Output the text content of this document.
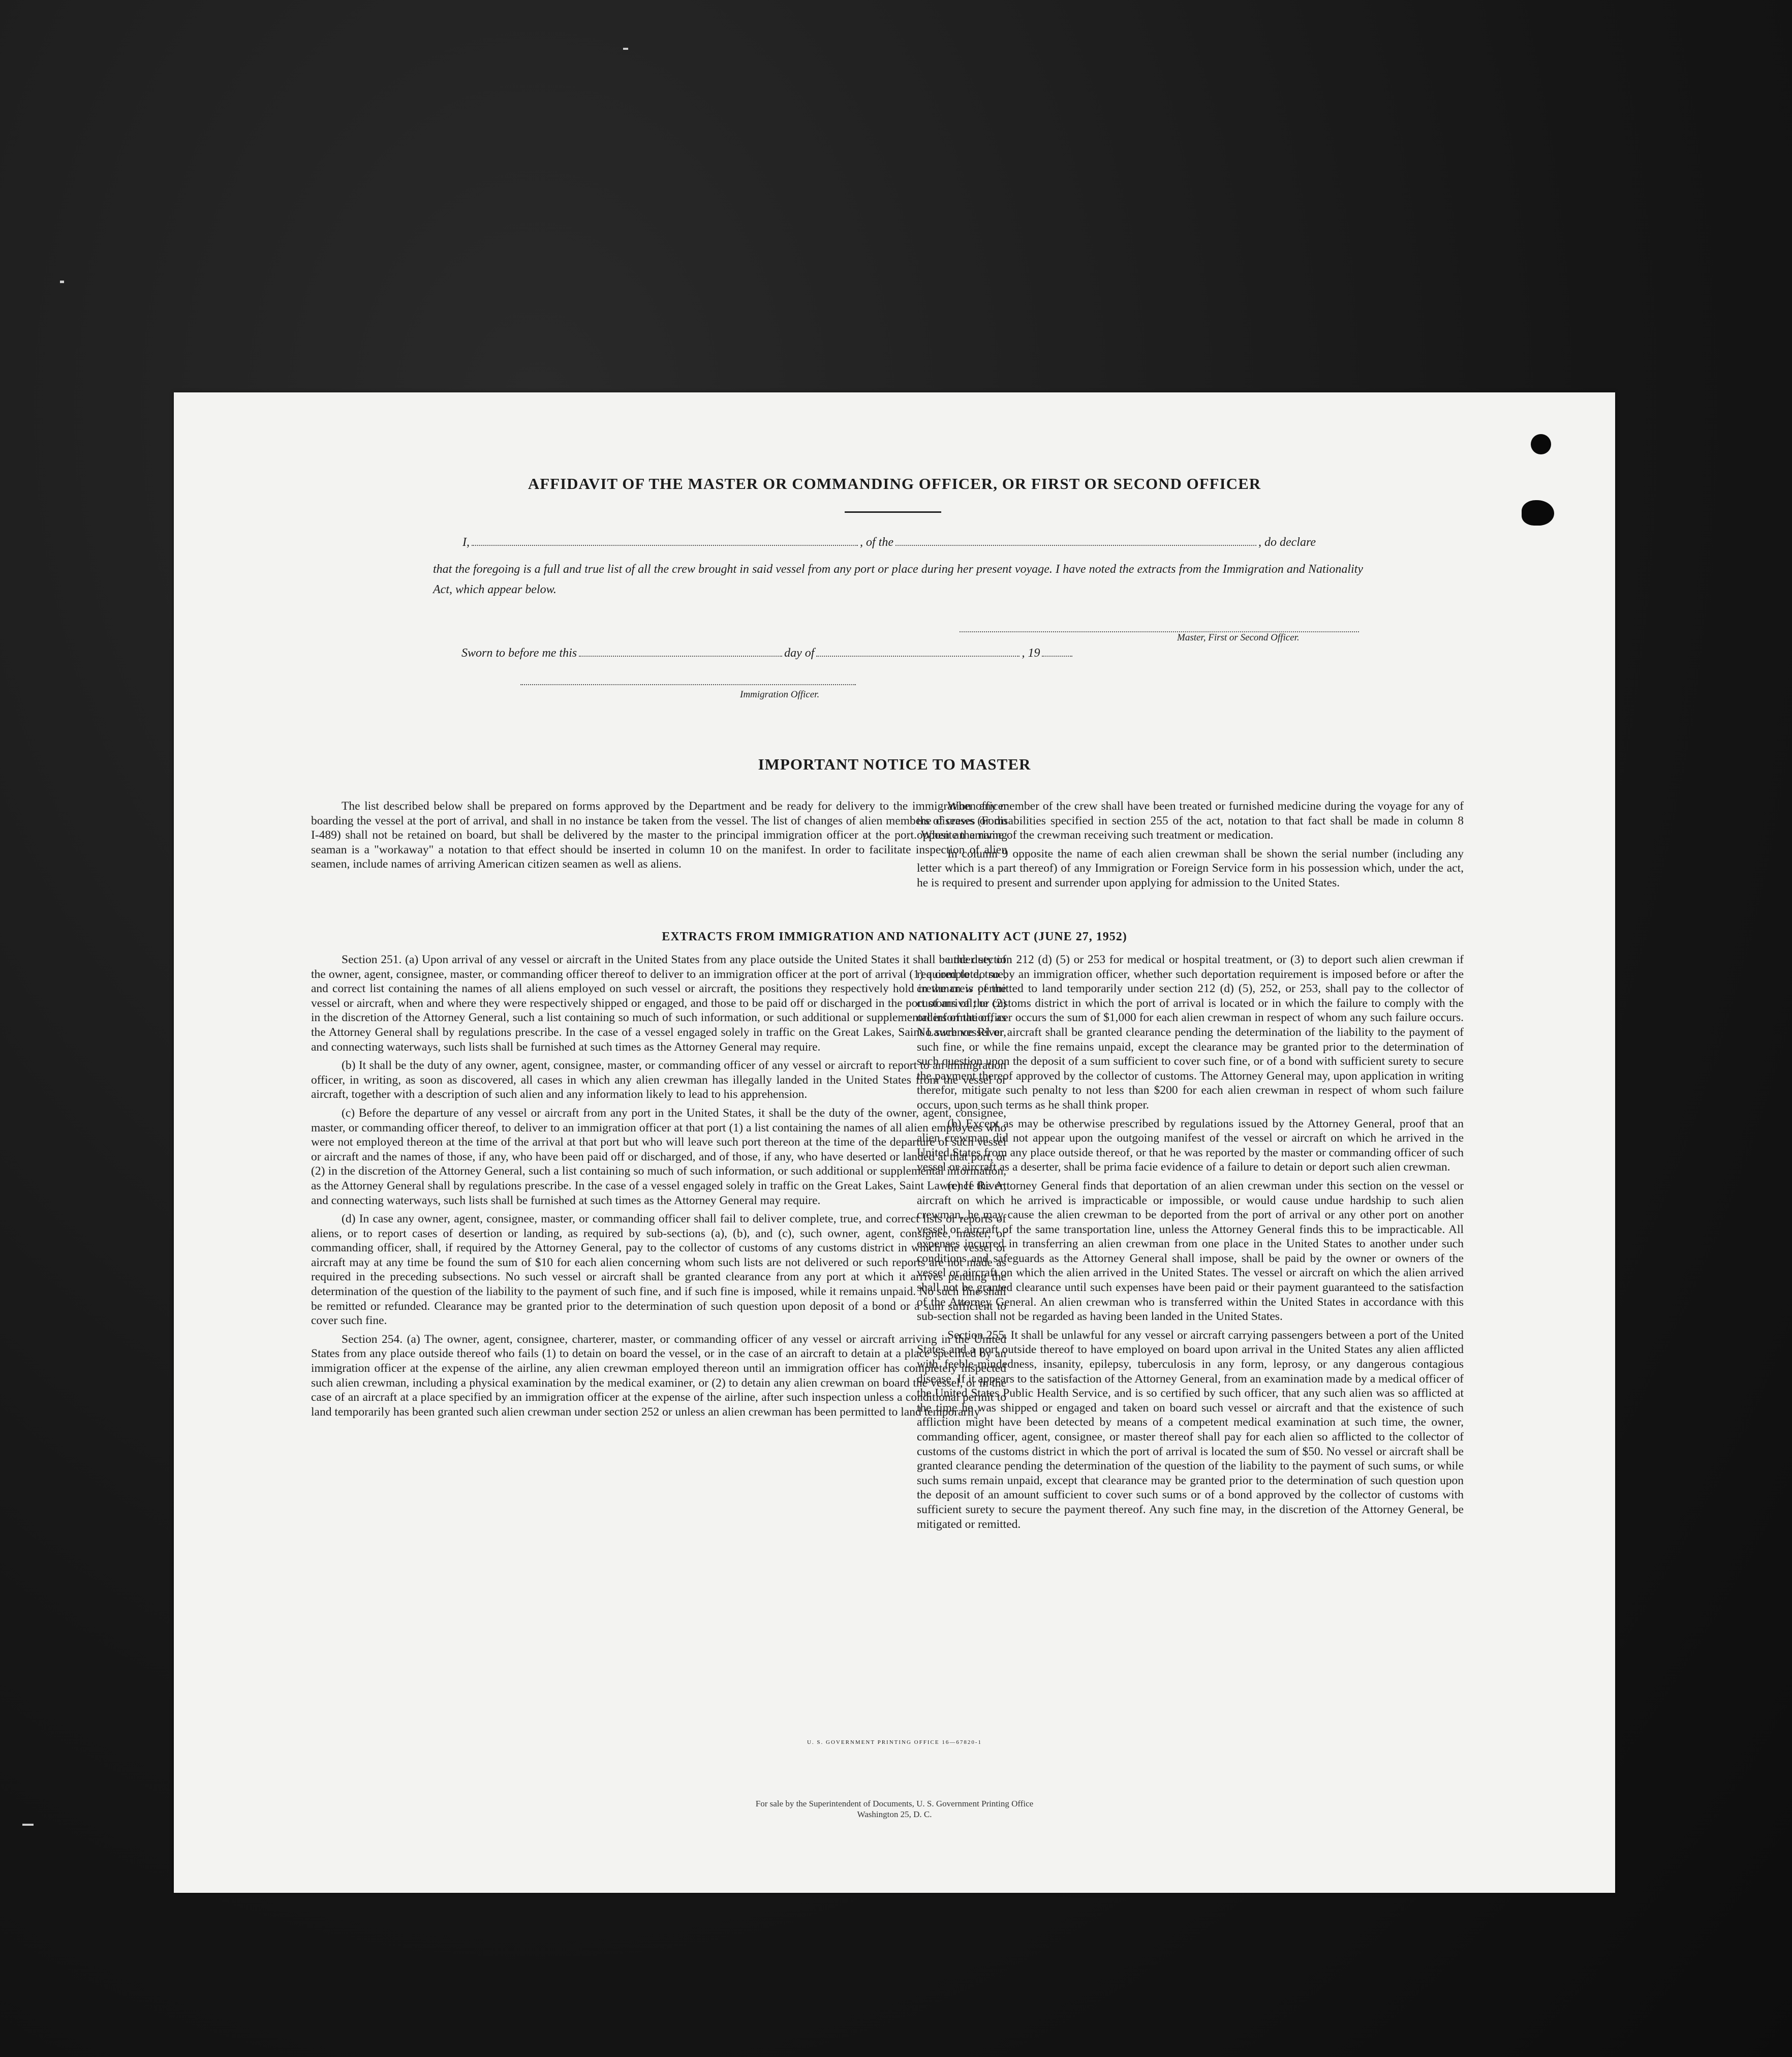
AFFIDAVIT OF THE MASTER OR COMMANDING OFFICER, OR FIRST OR SECOND OFFICER
I,	, of the	, do declare
that the foregoing is a full and true list of all the crew brought in said vessel from any port or place during her present voyage. I have noted the extracts from the Immigration and Nationality Act, which appear below.
Master, First or Second Officer.
Sworn to before me this	day of	, 19
Immigration Officer.
IMPORTANT NOTICE TO MASTER

The list described below shall be prepared on forms approved by the Department and be ready for delivery to the immigration officer boarding the vessel at the port of arrival, and shall in no instance be taken from the vessel. The list of changes of alien members of crews (Form I-489) shall not be retained on board, but shall be delivered by the master to the principal immigration officer at the port. When an arriving seaman is a "workaway" a notation to that effect should be inserted in column 10 on the manifest. In order to facilitate inspection of alien seamen, include names of arriving American citizen seamen as well as aliens.

When any member of the crew shall have been treated or furnished medicine during the voyage for any of the diseases or disabilities specified in section 255 of the act, notation to that fact shall be made in column 8 opposite the name of the crewman receiving such treatment or medication.

In column 9 opposite the name of each alien crewman shall be shown the serial number (including any letter which is a part thereof) of any Immigration or Foreign Service form in his possession which, under the act, he is required to present and surrender upon applying for admission to the United States.

EXTRACTS FROM IMMIGRATION AND NATIONALITY ACT (JUNE 27, 1952)

Section 251. (a) Upon arrival of any vessel or aircraft in the United States from any place outside the United States it shall be the duty of the owner, agent, consignee, master, or commanding officer thereof to deliver to an immigration officer at the port of arrival (1) a complete, true, and correct list containing the names of all aliens employed on such vessel or aircraft, the positions they respectively hold in the crew of the vessel or aircraft, when and where they were respectively shipped or engaged, and those to be paid off or discharged in the port of arrival; or (2) in the discretion of the Attorney General, such a list containing so much of such information, or such additional or supplemental information, as the Attorney General shall by regulations prescribe. In the case of a vessel engaged solely in traffic on the Great Lakes, Saint Lawrence River, and connecting waterways, such lists shall be furnished at such times as the Attorney General may require.

(b) It shall be the duty of any owner, agent, consignee, master, or commanding officer of any vessel or aircraft to report to an immigration officer, in writing, as soon as discovered, all cases in which any alien crewman has illegally landed in the United States from the vessel or aircraft, together with a description of such alien and any information likely to lead to his apprehension.

(c) Before the departure of any vessel or aircraft from any port in the United States, it shall be the duty of the owner, agent, consignee, master, or commanding officer thereof, to deliver to an immigration officer at that port (1) a list containing the names of all alien employees who were not employed thereon at the time of the arrival at that port but who will leave such port thereon at the time of the departure of such vessel or aircraft and the names of those, if any, who have been paid off or discharged, and of those, if any, who have deserted or landed at that port, or (2) in the discretion of the Attorney General, such a list containing so much of such information, or such additional or supplemental information, as the Attorney General shall by regulations prescribe. In the case of a vessel engaged solely in traffic on the Great Lakes, Saint Lawrence River, and connecting waterways, such lists shall be furnished at such times as the Attorney General may require.

(d) In case any owner, agent, consignee, master, or commanding officer shall fail to deliver complete, true, and correct lists or reports of aliens, or to report cases of desertion or landing, as required by sub-sections (a), (b), and (c), such owner, agent, consignee, master, or commanding officer, shall, if required by the Attorney General, pay to the collector of customs of any customs district in which the vessel or aircraft may at any time be found the sum of $10 for each alien concerning whom such lists are not delivered or such reports are not made as required in the preceding subsections. No such vessel or aircraft shall be granted clearance from any port at which it arrives pending the determination of the question of the liability to the payment of such fine, and if such fine is imposed, while it remains unpaid. No such fine shall be remitted or refunded. Clearance may be granted prior to the determination of such question upon deposit of a bond or a sum sufficient to cover such fine.

Section 254. (a) The owner, agent, consignee, charterer, master, or commanding officer of any vessel or aircraft arriving in the United States from any place outside thereof who fails (1) to detain on board the vessel, or in the case of an aircraft to detain at a place specified by an immigration officer at the expense of the airline, any alien crewman employed thereon until an immigration officer has completely inspected such alien crewman, including a physical examination by the medical examiner, or (2) to detain any alien crewman on board the vessel, or in the case of an aircraft at a place specified by an immigration officer at the expense of the airline, after such inspection unless a conditional permit to land temporarily has been granted such alien crewman under section 252 or unless an alien crewman has been permitted to land temporarily

under section 212 (d) (5) or 253 for medical or hospital treatment, or (3) to deport such alien crewman if required to do so by an immigration officer, whether such deportation requirement is imposed before or after the crewman is permitted to land temporarily under section 212 (d) (5), 252, or 253, shall pay to the collector of customs of the customs district in which the port of arrival is located or in which the failure to comply with the orders of the officer occurs the sum of $1,000 for each alien crewman in respect of whom any such failure occurs. No such vessel or aircraft shall be granted clearance pending the determination of the liability to the payment of such fine, or while the fine remains unpaid, except the clearance may be granted prior to the determination of such question upon the deposit of a sum sufficient to cover such fine, or of a bond with sufficient surety to secure the payment thereof approved by the collector of customs. The Attorney General may, upon application in writing therefor, mitigate such penalty to not less than $200 for each alien crewman in respect of whom such failure occurs, upon such terms as he shall think proper.

(b) Except as may be otherwise prescribed by regulations issued by the Attorney General, proof that an alien crewman did not appear upon the outgoing manifest of the vessel or aircraft on which he arrived in the United States from any place outside thereof, or that he was reported by the master or commanding officer of such vessel or aircraft as a deserter, shall be prima facie evidence of a failure to detain or deport such alien crewman.

(c) If the Attorney General finds that deportation of an alien crewman under this section on the vessel or aircraft on which he arrived is impracticable or impossible, or would cause undue hardship to such alien crewman, he may cause the alien crewman to be deported from the port of arrival or any other port on another vessel or aircraft of the same transportation line, unless the Attorney General finds this to be impracticable. All expenses incurred in transferring an alien crewman from one place in the United States to another under such conditions and safeguards as the Attorney General shall impose, shall be paid by the owner or owners of the vessel or aircraft on which the alien arrived in the United States. The vessel or aircraft on which the alien arrived shall not be granted clearance until such expenses have been paid or their payment guaranteed to the satisfaction of the Attorney General. An alien crewman who is transferred within the United States in accordance with this sub-section shall not be regarded as having been landed in the United States.

Section 255. It shall be unlawful for any vessel or aircraft carrying passengers between a port of the United States and a port outside thereof to have employed on board upon arrival in the United States any alien afflicted with feeble-mindedness, insanity, epilepsy, tuberculosis in any form, leprosy, or any dangerous contagious disease. If it appears to the satisfaction of the Attorney General, from an examination made by a medical officer of the United States Public Health Service, and is so certified by such officer, that any such alien was so afflicted at the time he was shipped or engaged and taken on board such vessel or aircraft and that the existence of such affliction might have been detected by means of a competent medical examination at such time, the owner, commanding officer, agent, consignee, or master thereof shall pay for each alien so afflicted to the collector of customs of the customs district in which the port of arrival is located the sum of $50. No vessel or aircraft shall be granted clearance pending the determination of the question of the liability to the payment of such sums, or while such sums remain unpaid, except that clearance may be granted prior to the determination of such question upon the deposit of an amount sufficient to cover such sums or of a bond approved by the collector of customs with sufficient surety to secure the payment thereof. Any such fine may, in the discretion of the Attorney General, be mitigated or remitted.

U. S. GOVERNMENT PRINTING OFFICE 16—67820-1
For sale by the Superintendent of Documents, U. S. Government Printing Office
Washington 25, D. C.
